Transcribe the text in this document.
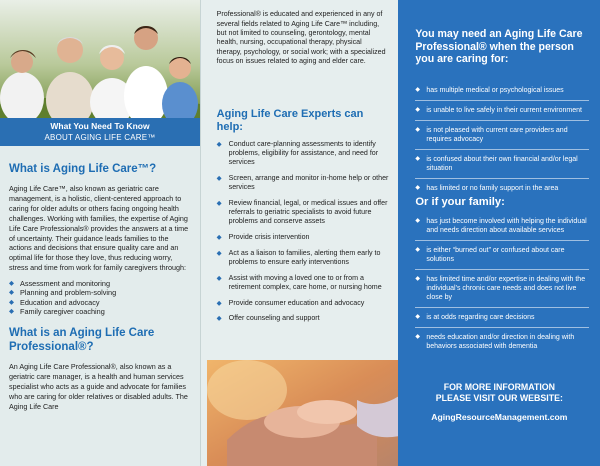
What You Need To Know
ABOUT AGING LIFE CARE™
What is Aging Life Care™?

Aging Life Care™, also known as geriatric care management, is a holistic, client-centered approach to caring for older adults or others facing ongoing health challenges. Working with families, the expertise of Aging Life Care Professionals® provides the answers at a time of uncertainty. Their guidance leads families to the actions and decisions that ensure quality care and an optimal life for those they love, thus reducing worry, stress and time from work for family caregivers through:

◆ Assessment and monitoring
◆ Planning and problem-solving
◆ Education and advocacy
◆ Family caregiver coaching
What is an Aging Life Care Professional®?

An Aging Life Care Professional®, also known as a geriatric care manager, is a health and human services specialist who acts as a guide and advocate for families who are caring for older relatives or disabled adults. The Aging Life Care

Professional® is educated and experienced in any of several fields related to Aging Life Care™ including, but not limited to counseling, gerontology, mental health, nursing, occupational therapy, physical therapy, psychology, or social work; with a specialized focus on issues related to aging and elder care.

Aging Life Care Experts can help:
◆ Conduct care-planning assessments to identify problems, eligibility for assistance, and need for services
◆ Screen, arrange and monitor in-home help or other services
◆ Review financial, legal, or medical issues and offer referrals to geriatric specialists to avoid future problems and conserve assets
◆ Provide crisis intervention
◆ Act as a liaison to families, alerting them early to problems to ensure early interventions
◆ Assist with moving a loved one to or from a retirement complex, care home, or nursing home
◆ Provide consumer education and advocacy
◆ Offer counseling and support
You may need an Aging Life Care Professional® when the person you are caring for:
◆ has multiple medical or psychological issues
◆ is unable to live safely in their current environment
◆ is not pleased with current care providers and requires advocacy
◆ is confused about their own financial and/or legal situation
◆ has limited or no family support in the area
Or if your family:
◆ has just become involved with helping the individual and needs direction about available services
◆ is either “burned out” or confused about care solutions
◆ has limited time and/or expertise in dealing with the individual’s chronic care needs and does not live close by
◆ is at odds regarding care decisions
◆ needs education and/or direction in dealing with behaviors associated with dementia
FOR MORE INFORMATION
PLEASE VISIT OUR WEBSITE:
AgingResourceManagement.com
